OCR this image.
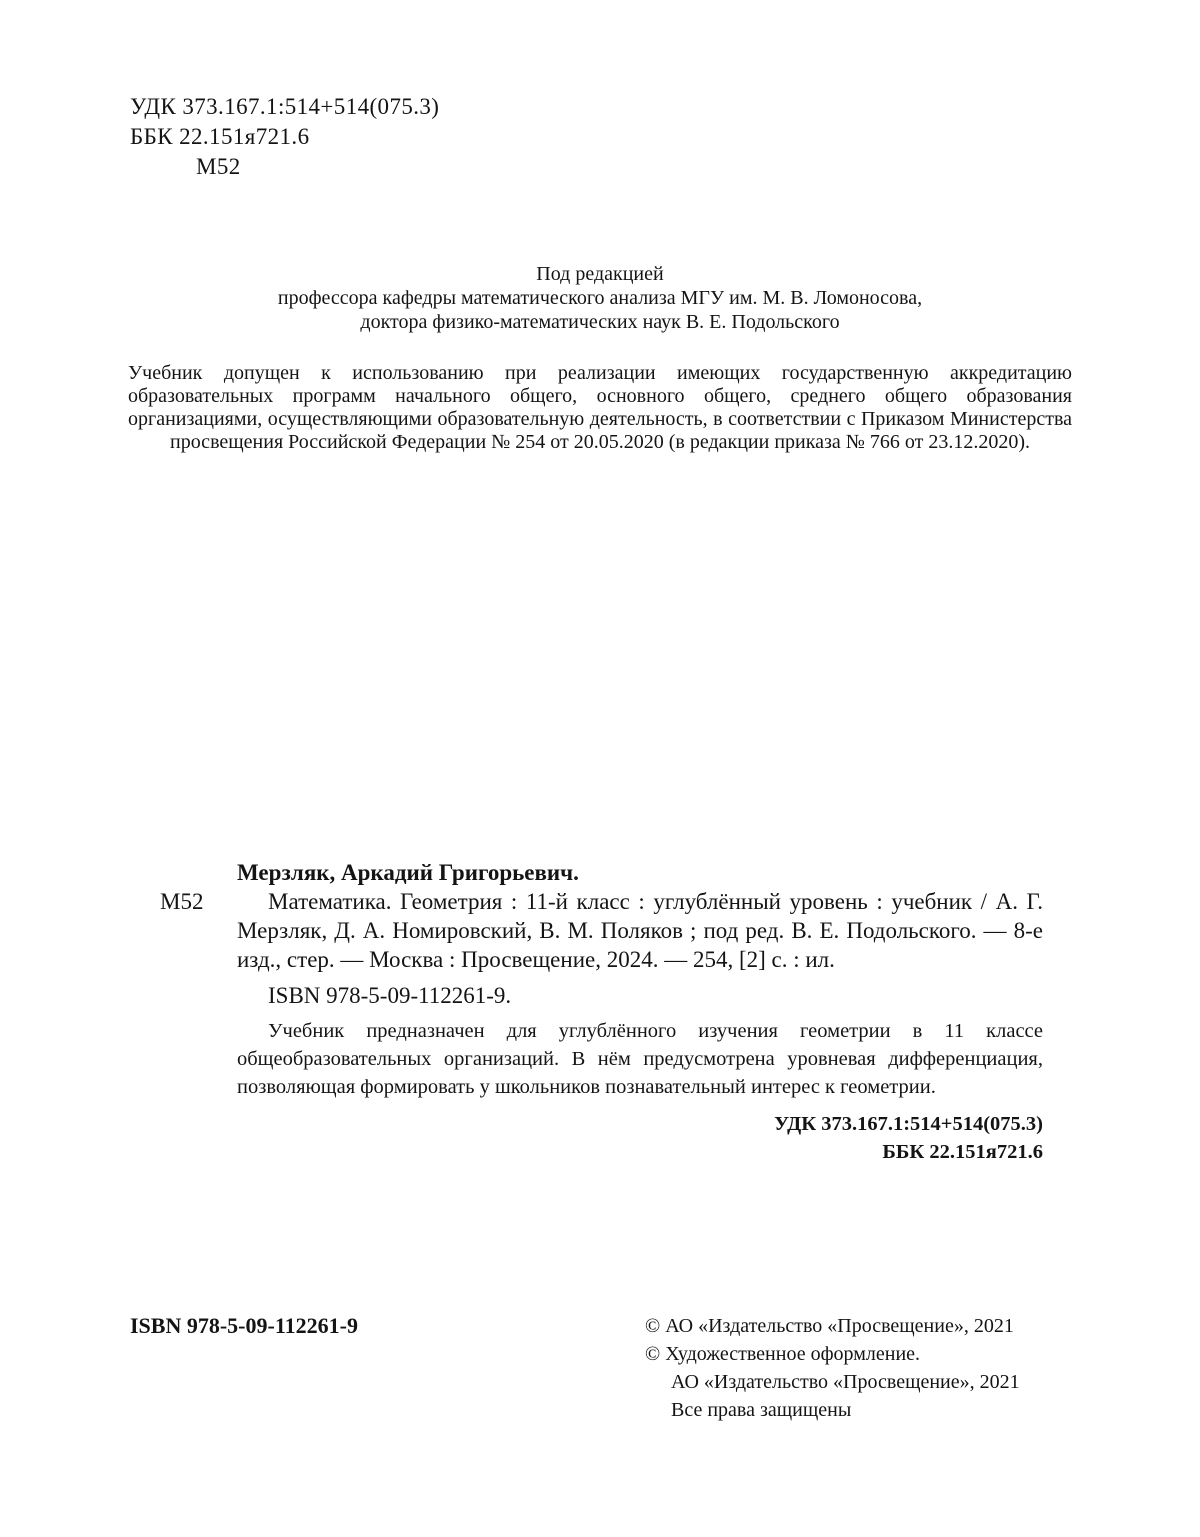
УДК 373.167.1:514+514(075.3)
ББК 22.151я721.6
М52
Под редакцией
профессора кафедры математического анализа МГУ им. М. В. Ломоносова,
доктора физико-математических наук В. Е. Подольского
Учебник допущен к использованию при реализации имеющих государственную аккредитацию образовательных программ начального общего, основного общего, среднего общего образования организациями, осуществляющими образовательную деятельность, в соответствии с Приказом Министерства просвещения Российской Федерации № 254 от 20.05.2020 (в редакции приказа № 766 от 23.12.2020).
М52
Мерзляк, Аркадий Григорьевич.
Математика. Геометрия : 11-й класс : углублённый уровень : учебник / А. Г. Мерзляк, Д. А. Номировский, В. М. Поляков ; под ред. В. Е. Подольского. — 8-е изд., стер. — Москва : Просвещение, 2024. — 254, [2] с. : ил.
ISBN 978-5-09-112261-9.
Учебник предназначен для углублённого изучения геометрии в 11 классе общеобразовательных организаций. В нём предусмотрена уровневая дифференциация, позволяющая формировать у школьников познавательный интерес к геометрии.
УДК 373.167.1:514+514(075.3)
ББК 22.151я721.6
ISBN 978-5-09-112261-9	© АО «Издательство «Просвещение», 2021
© Художественное оформление.
АО «Издательство «Просвещение», 2021
Все права защищены
